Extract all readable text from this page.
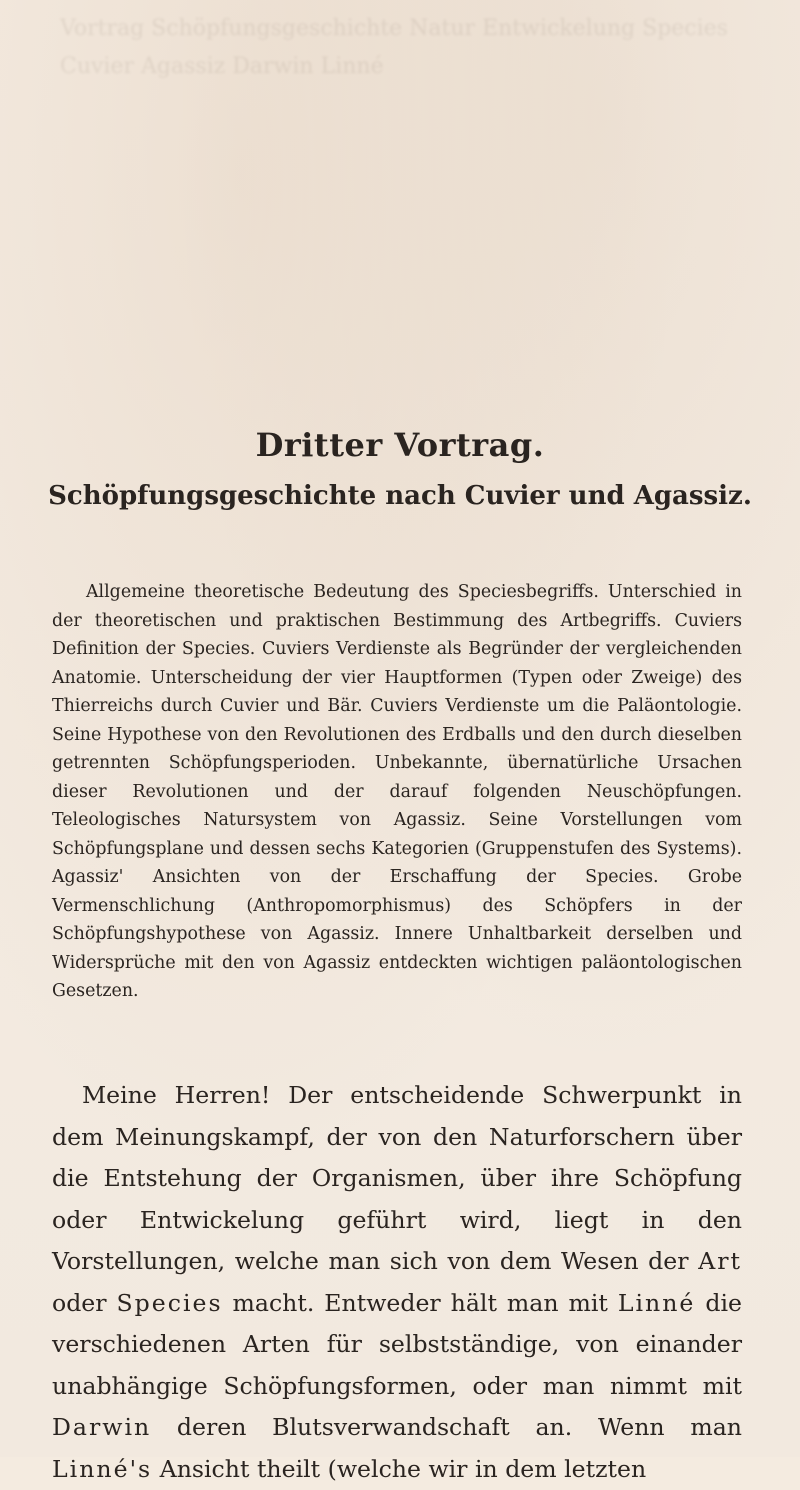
Vortrag Schöpfungsgeschichte Natur Entwickelung Species Cuvier Agassiz Darwin Linné
Dritter Vortrag.
Schöpfungsgeschichte nach Cuvier und Agassiz.

Allgemeine theoretische Bedeutung des Speciesbegriffs. Unterschied in der theoretischen und praktischen Bestimmung des Artbegriffs. Cuviers Definition der Species. Cuviers Verdienste als Begründer der vergleichenden Anatomie. Unterscheidung der vier Hauptformen (Typen oder Zweige) des Thierreichs durch Cuvier und Bär. Cuviers Verdienste um die Paläontologie. Seine Hypothese von den Revolutionen des Erdballs und den durch dieselben getrennten Schöpfungsperioden. Unbekannte, übernatürliche Ursachen dieser Revolutionen und der darauf folgenden Neuschöpfungen. Teleologisches Natursystem von Agassiz. Seine Vorstellungen vom Schöpfungsplane und dessen sechs Kategorien (Gruppenstufen des Systems). Agassiz' Ansichten von der Erschaffung der Species. Grobe Vermenschlichung (Anthropomorphismus) des Schöpfers in der Schöpfungshypothese von Agassiz. Innere Unhaltbarkeit derselben und Widersprüche mit den von Agassiz entdeckten wichtigen paläontologischen Gesetzen.

Meine Herren! Der entscheidende Schwerpunkt in dem Meinungskampf, der von den Naturforschern über die Entstehung der Organismen, über ihre Schöpfung oder Entwickelung geführt wird, liegt in den Vorstellungen, welche man sich von dem Wesen der Art oder Species macht. Entweder hält man mit Linné die verschiedenen Arten für selbstständige, von einander unabhängige Schöpfungsformen, oder man nimmt mit Darwin deren Blutsverwandschaft an. Wenn man Linné's Ansicht theilt (welche wir in dem letzten
